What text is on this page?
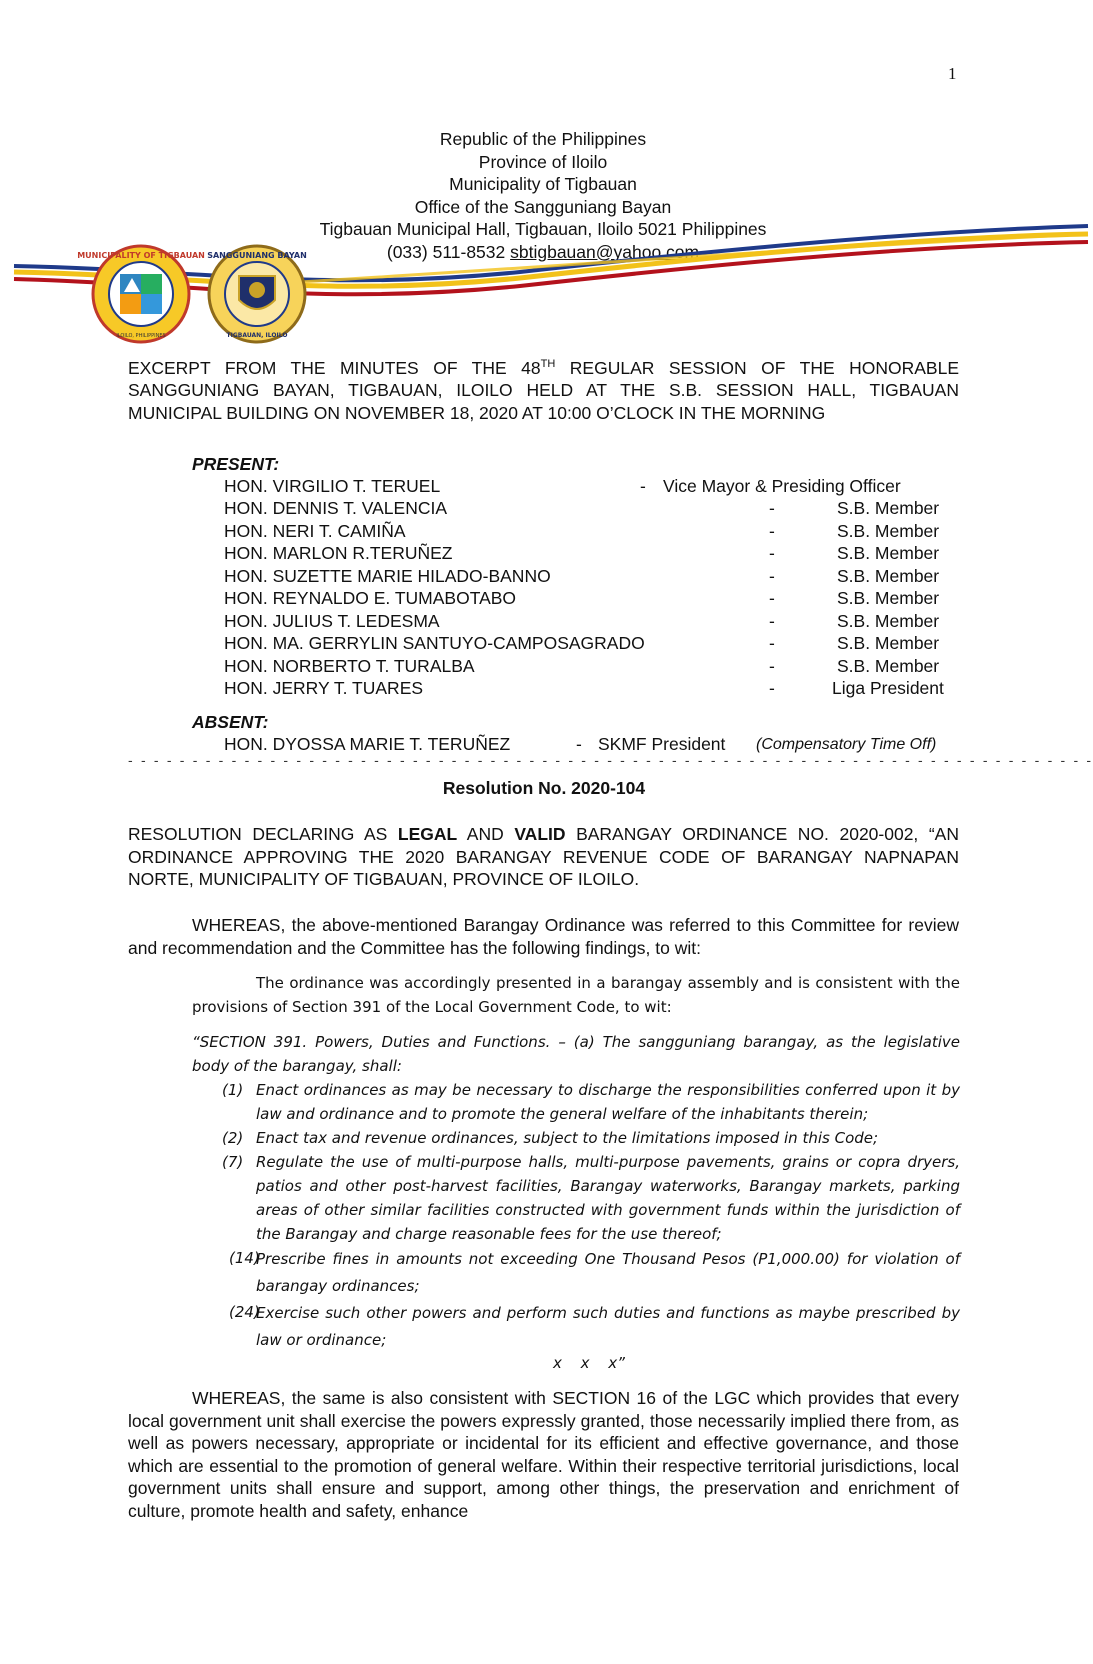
1
Republic of the Philippines
Province of Iloilo
Municipality of Tigbauan
Office of the Sangguniang Bayan
Tigbauan Municipal Hall, Tigbauan, Iloilo 5021 Philippines
(033) 511-8532 sbtigbauan@yahoo.com
MUNICIPALITY OF TIGBAUAN
ILOILO, PHILIPPINES
SANGGUNIANG BAYAN
TIGBAUAN, ILOILO
EXCERPT FROM THE MINUTES OF THE 48TH REGULAR SESSION OF THE HONORABLE SANGGUNIANG BAYAN, TIGBAUAN, ILOILO HELD AT THE S.B. SESSION HALL, TIGBAUAN MUNICIPAL BUILDING ON NOVEMBER 18, 2020 AT 10:00 O’CLOCK IN THE MORNING
PRESENT:
HON. VIRGILIO T. TERUEL	- Vice Mayor & Presiding Officer
HON. DENNIS T. VALENCIA	-	S.B. Member
HON. NERI T. CAMIÑA	-	S.B. Member
HON. MARLON R.TERUÑEZ	-	S.B. Member
HON. SUZETTE MARIE HILADO-BANNO	-	S.B. Member
HON. REYNALDO E. TUMABOTABO	-	S.B. Member
HON. JULIUS T. LEDESMA	-	S.B. Member
HON. MA. GERRYLIN SANTUYO-CAMPOSAGRADO	-	S.B. Member
HON. NORBERTO T. TURALBA	-	S.B. Member
HON. JERRY T. TUARES	-	Liga President
ABSENT:
HON. DYOSSA MARIE T. TERUÑEZ	- SKMF President (Compensatory Time Off)
- - - - - - - - - - - - - - - - - - - - - - - - - - - - - - - - - - - - - - - - - - - - - - - - - - - - - - - - - - - - - - - - - - - - - - - - - - -
Resolution No. 2020-104
RESOLUTION DECLARING AS LEGAL AND VALID BARANGAY ORDINANCE NO. 2020-002, “AN ORDINANCE APPROVING THE 2020 BARANGAY REVENUE CODE OF BARANGAY NAPNAPAN NORTE, MUNICIPALITY OF TIGBAUAN, PROVINCE OF ILOILO.
WHEREAS, the above-mentioned Barangay Ordinance was referred to this Committee for review and recommendation and the Committee has the following findings, to wit:
The ordinance was accordingly presented in a barangay assembly and is consistent with the provisions of Section 391 of the Local Government Code, to wit:
“SECTION 391. Powers, Duties and Functions. – (a) The sangguniang barangay, as the legislative body of the barangay, shall:
(1) Enact ordinances as may be necessary to discharge the responsibilities conferred upon it by law and ordinance and to promote the general welfare of the inhabitants therein;
(2) Enact tax and revenue ordinances, subject to the limitations imposed in this Code;
(7) Regulate the use of multi-purpose halls, multi-purpose pavements, grains or copra dryers, patios and other post-harvest facilities, Barangay waterworks, Barangay markets, parking areas of other similar facilities constructed with government funds within the jurisdiction of the Barangay and charge reasonable fees for the use thereof;
(14)
Prescribe fines in amounts not exceeding One Thousand Pesos (P1,000.00) for violation of barangay ordinances;
(24)
Exercise such other powers and perform such duties and functions as maybe prescribed by law or ordinance;
x x x”
WHEREAS, the same is also consistent with SECTION 16 of the LGC which provides that every local government unit shall exercise the powers expressly granted, those necessarily implied there from, as well as powers necessary, appropriate or incidental for its efficient and effective governance, and those which are essential to the promotion of general welfare. Within their respective territorial jurisdictions, local government units shall ensure and support, among other things, the preservation and enrichment of culture, promote health and safety, enhance
